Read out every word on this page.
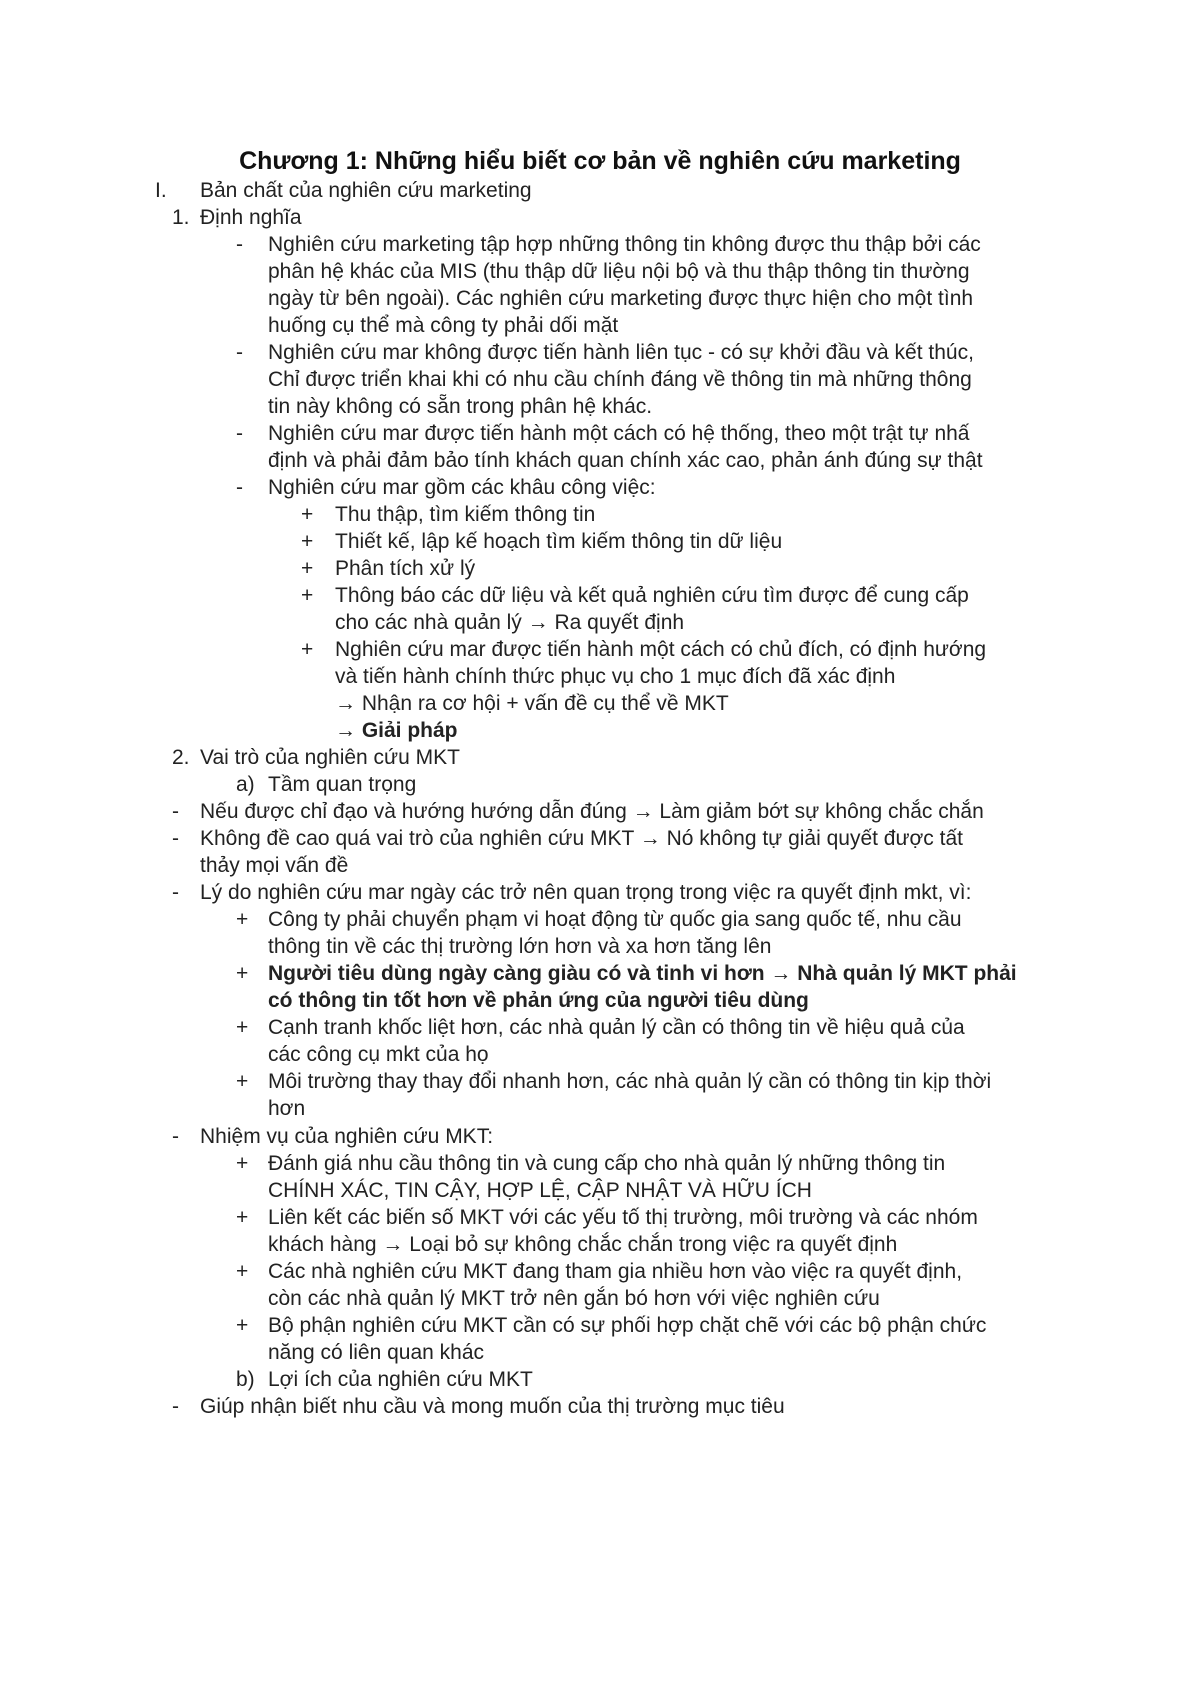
Chương 1: Những hiểu biết cơ bản về nghiên cứu marketing
I. Bản chất của nghiên cứu marketing
1. Định nghĩa
- Nghiên cứu marketing tập hợp những thông tin không được thu thập bởi các
phân hệ khác của MIS (thu thập dữ liệu nội bộ và thu thập thông tin thường
ngày từ bên ngoài). Các nghiên cứu marketing được thực hiện cho một tình
huống cụ thể mà công ty phải dối mặt
- Nghiên cứu mar không được tiến hành liên tục - có sự khởi đầu và kết thúc,
Chỉ được triển khai khi có nhu cầu chính đáng về thông tin mà những thông
tin này không có sẵn trong phân hệ khác.
- Nghiên cứu mar được tiến hành một cách có hệ thống, theo một trật tự nhấ
định và phải đảm bảo tính khách quan chính xác cao, phản ánh đúng sự thật
- Nghiên cứu mar gồm các khâu công việc:
+ Thu thập, tìm kiếm thông tin
+ Thiết kế, lập kế hoạch tìm kiếm thông tin dữ liệu
+ Phân tích xử lý
+ Thông báo các dữ liệu và kết quả nghiên cứu tìm được để cung cấp
cho các nhà quản lý → Ra quyết định
+ Nghiên cứu mar được tiến hành một cách có chủ đích, có định hướng
và tiến hành chính thức phục vụ cho 1 mục đích đã xác định
→ Nhận ra cơ hội + vấn đề cụ thể về MKT
→ Giải pháp
2. Vai trò của nghiên cứu MKT
a) Tầm quan trọng
- Nếu được chỉ đạo và hướng hướng dẫn đúng → Làm giảm bớt sự không chắc chắn
- Không đề cao quá vai trò của nghiên cứu MKT → Nó không tự giải quyết được tất
thảy mọi vấn đề
- Lý do nghiên cứu mar ngày các trở nên quan trọng trong việc ra quyết định mkt, vì:
+ Công ty phải chuyển phạm vi hoạt động từ quốc gia sang quốc tế, nhu cầu
thông tin về các thị trường lớn hơn và xa hơn tăng lên
+ Người tiêu dùng ngày càng giàu có và tinh vi hơn → Nhà quản lý MKT phải
có thông tin tốt hơn về phản ứng của người tiêu dùng
+ Cạnh tranh khốc liệt hơn, các nhà quản lý cần có thông tin về hiệu quả của
các công cụ mkt của họ
+ Môi trường thay thay đổi nhanh hơn, các nhà quản lý cần có thông tin kịp thời
hơn
- Nhiệm vụ của nghiên cứu MKT:
+ Đánh giá nhu cầu thông tin và cung cấp cho nhà quản lý những thông tin
CHÍNH XÁC, TIN CẬY, HỢP LỆ, CẬP NHẬT VÀ HỮU ÍCH
+ Liên kết các biến số MKT với các yếu tố thị trường, môi trường và các nhóm
khách hàng → Loại bỏ sự không chắc chắn trong việc ra quyết định
+ Các nhà nghiên cứu MKT đang tham gia nhiều hơn vào việc ra quyết định,
còn các nhà quản lý MKT trở nên gắn bó hơn với việc nghiên cứu
+ Bộ phận nghiên cứu MKT cần có sự phối hợp chặt chẽ với các bộ phận chức
năng có liên quan khác
b) Lợi ích của nghiên cứu MKT
- Giúp nhận biết nhu cầu và mong muốn của thị trường mục tiêu
